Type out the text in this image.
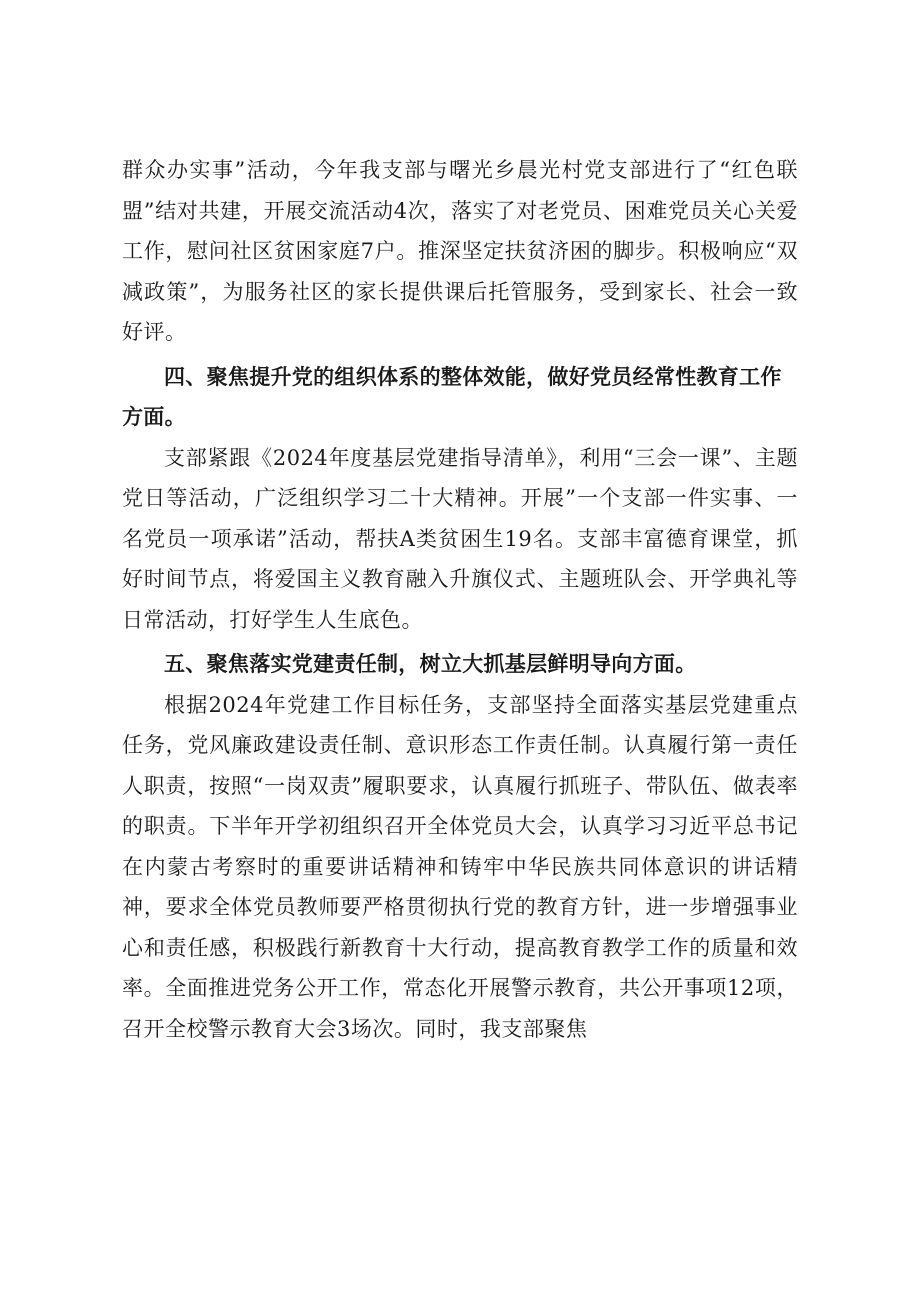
群众办实事”活动，今年我支部与曙光乡晨光村党支部进行了“红色联盟”结对共建，开展交流活动4次，落实了对老党员、困难党员关心关爱工作，慰问社区贫困家庭7户。推深坚定扶贫济困的脚步。积极响应“双减政策”，为服务社区的家长提供课后托管服务，受到家长、社会一致好评。

四、聚焦提升党的组织体系的整体效能，做好党员经常性教育工作方面。

支部紧跟《2024年度基层党建指导清单》，利用“三会一课”、主题党日等活动，广泛组织学习二十大精神。开展”一个支部一件实事、一名党员一项承诺”活动，帮扶A类贫困生19名。支部丰富德育课堂，抓好时间节点，将爱国主义教育融入升旗仪式、主题班队会、开学典礼等日常活动，打好学生人生底色。

五、聚焦落实党建责任制，树立大抓基层鲜明导向方面。

根据2024年党建工作目标任务，支部坚持全面落实基层党建重点任务，党风廉政建设责任制、意识形态工作责任制。认真履行第一责任人职责，按照“一岗双责”履职要求，认真履行抓班子、带队伍、做表率的职责。下半年开学初组织召开全体党员大会，认真学习习近平总书记在内蒙古考察时的重要讲话精神和铸牢中华民族共同体意识的讲话精神，要求全体党员教师要严格贯彻执行党的教育方针，进一步增强事业心和责任感，积极践行新教育十大行动，提高教育教学工作的质量和效率。全面推进党务公开工作，常态化开展警示教育，共公开事项12项，召开全校警示教育大会3场次。同时，我支部聚焦
